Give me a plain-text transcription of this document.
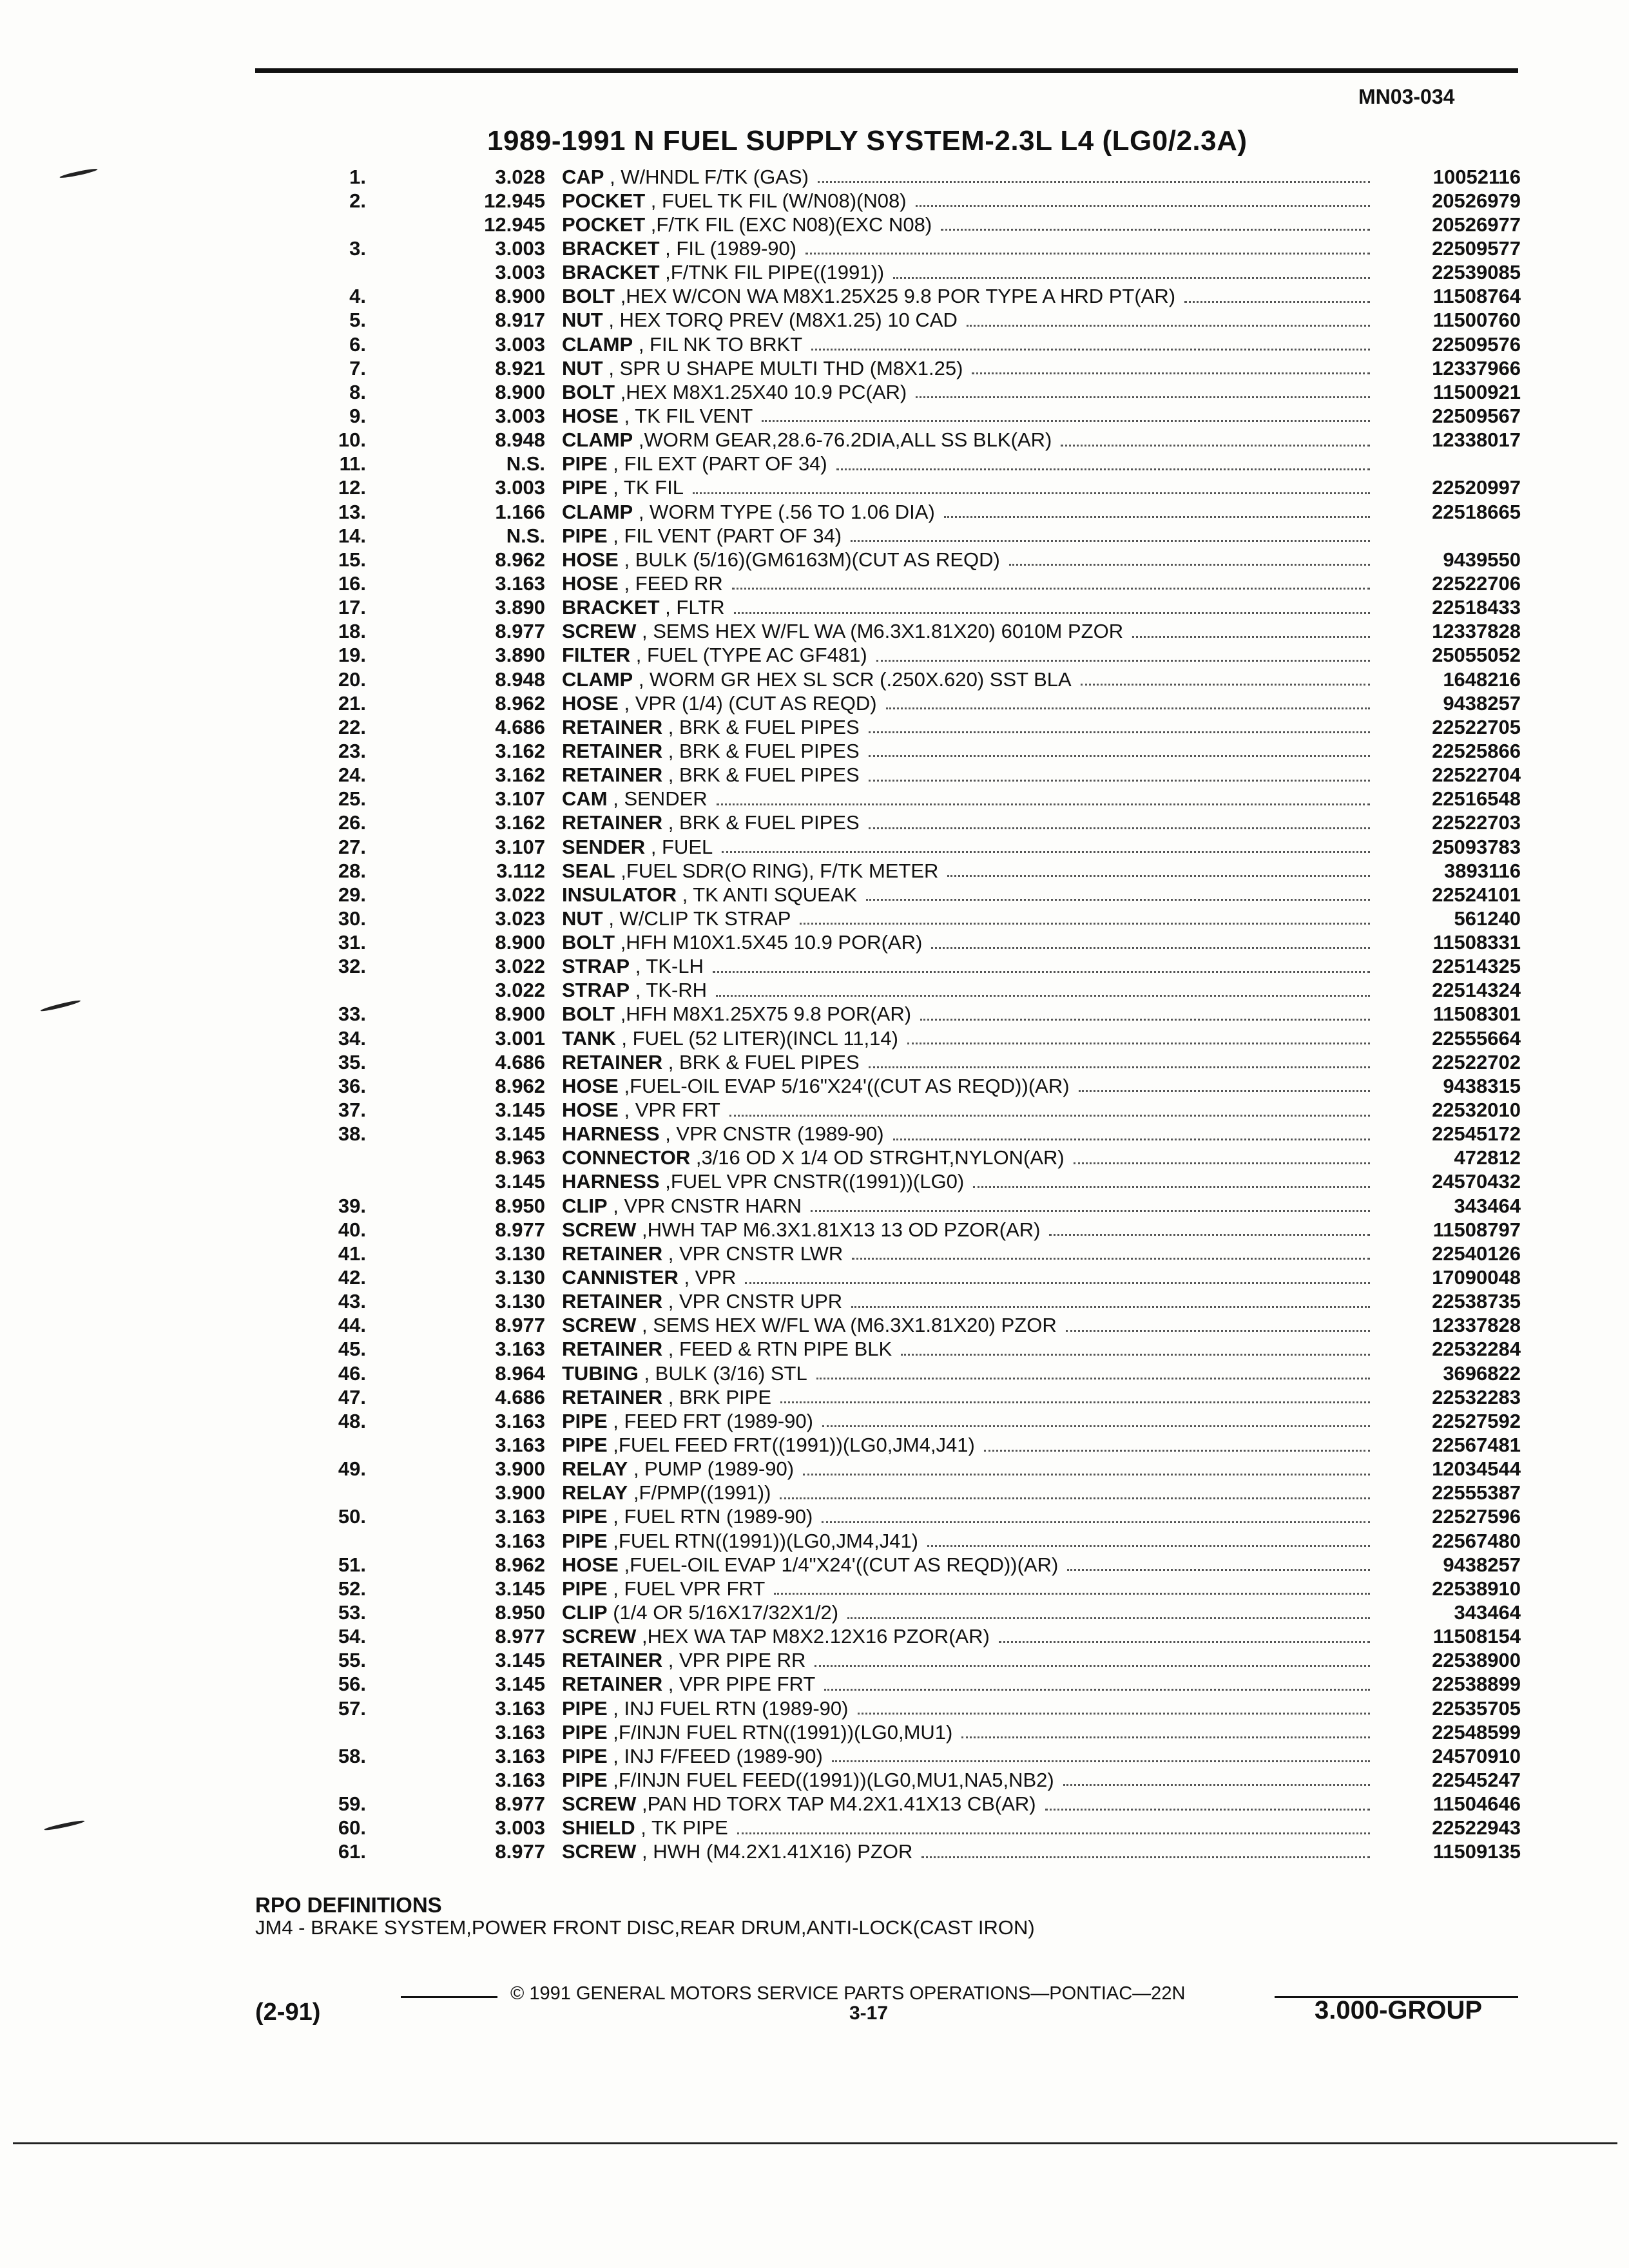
MN03-034
1989-1991 N FUEL SUPPLY SYSTEM-2.3L L4 (LG0/2.3A)
1.	3.028 CAP , W/HNDL F/TK (GAS)	10052116
2.	12.945 POCKET , FUEL TK FIL (W/N08)(N08)	20526979
12.945 POCKET ,F/TK FIL (EXC N08)(EXC N08)	20526977
3.	3.003 BRACKET , FIL (1989-90)	22509577
3.003 BRACKET ,F/TNK FIL PIPE((1991))	22539085
4.	8.900 BOLT ,HEX W/CON WA M8X1.25X25 9.8 POR TYPE A HRD PT(AR)	11508764
5.	8.917 NUT , HEX TORQ PREV (M8X1.25) 10 CAD	11500760
6.	3.003 CLAMP , FIL NK TO BRKT	22509576
7.	8.921 NUT , SPR U SHAPE MULTI THD (M8X1.25)	12337966
8.	8.900 BOLT ,HEX M8X1.25X40 10.9 PC(AR)	11500921
9.	3.003 HOSE , TK FIL VENT	22509567
10.	8.948 CLAMP ,WORM GEAR,28.6-76.2DIA,ALL SS BLK(AR)	12338017
11.	N.S. PIPE , FIL EXT (PART OF 34)
12.	3.003 PIPE , TK FIL	22520997
13.	1.166 CLAMP , WORM TYPE (.56 TO 1.06 DIA)	22518665
14.	N.S. PIPE , FIL VENT (PART OF 34)
15.	8.962 HOSE , BULK (5/16)(GM6163M)(CUT AS REQD)	9439550
16.	3.163 HOSE , FEED RR	22522706
17.	3.890 BRACKET , FLTR	22518433
18.	8.977 SCREW , SEMS HEX W/FL WA (M6.3X1.81X20) 6010M PZOR	12337828
19.	3.890 FILTER , FUEL (TYPE AC GF481)	25055052
20.	8.948 CLAMP , WORM GR HEX SL SCR (.250X.620) SST BLA	1648216
21.	8.962 HOSE , VPR (1/4) (CUT AS REQD)	9438257
22.	4.686 RETAINER , BRK & FUEL PIPES	22522705
23.	3.162 RETAINER , BRK & FUEL PIPES	22525866
24.	3.162 RETAINER , BRK & FUEL PIPES	22522704
25.	3.107 CAM , SENDER	22516548
26.	3.162 RETAINER , BRK & FUEL PIPES	22522703
27.	3.107 SENDER , FUEL	25093783
28.	3.112 SEAL ,FUEL SDR(O RING), F/TK METER	3893116
29.	3.022 INSULATOR , TK ANTI SQUEAK	22524101
30.	3.023 NUT , W/CLIP TK STRAP	561240
31.	8.900 BOLT ,HFH M10X1.5X45 10.9 POR(AR)	11508331
32.	3.022 STRAP , TK-LH	22514325
3.022 STRAP , TK-RH	22514324
33.	8.900 BOLT ,HFH M8X1.25X75 9.8 POR(AR)	11508301
34.	3.001 TANK , FUEL (52 LITER)(INCL 11,14)	22555664
35.	4.686 RETAINER , BRK & FUEL PIPES	22522702
36.	8.962 HOSE ,FUEL-OIL EVAP 5/16"X24'((CUT AS REQD))(AR)	9438315
37.	3.145 HOSE , VPR FRT	22532010
38.	3.145 HARNESS , VPR CNSTR (1989-90)	22545172
8.963 CONNECTOR ,3/16 OD X 1/4 OD STRGHT,NYLON(AR)	472812
3.145 HARNESS ,FUEL VPR CNSTR((1991))(LG0)	24570432
39.	8.950 CLIP , VPR CNSTR HARN	343464
40.	8.977 SCREW ,HWH TAP M6.3X1.81X13 13 OD PZOR(AR)	11508797
41.	3.130 RETAINER , VPR CNSTR LWR	22540126
42.	3.130 CANNISTER , VPR	17090048
43.	3.130 RETAINER , VPR CNSTR UPR	22538735
44.	8.977 SCREW , SEMS HEX W/FL WA (M6.3X1.81X20) PZOR	12337828
45.	3.163 RETAINER , FEED & RTN PIPE BLK	22532284
46.	8.964 TUBING , BULK (3/16) STL	3696822
47.	4.686 RETAINER , BRK PIPE	22532283
48.	3.163 PIPE , FEED FRT (1989-90)	22527592
3.163 PIPE ,FUEL FEED FRT((1991))(LG0,JM4,J41)	22567481
49.	3.900 RELAY , PUMP (1989-90)	12034544
3.900 RELAY ,F/PMP((1991))	22555387
50.	3.163 PIPE , FUEL RTN (1989-90)	22527596
3.163 PIPE ,FUEL RTN((1991))(LG0,JM4,J41)	22567480
51.	8.962 HOSE ,FUEL-OIL EVAP 1/4"X24'((CUT AS REQD))(AR)	9438257
52.	3.145 PIPE , FUEL VPR FRT	22538910
53.	8.950 CLIP (1/4 OR 5/16X17/32X1/2)	343464
54.	8.977 SCREW ,HEX WA TAP M8X2.12X16 PZOR(AR)	11508154
55.	3.145 RETAINER , VPR PIPE RR	22538900
56.	3.145 RETAINER , VPR PIPE FRT	22538899
57.	3.163 PIPE , INJ FUEL RTN (1989-90)	22535705
3.163 PIPE ,F/INJN FUEL RTN((1991))(LG0,MU1)	22548599
58.	3.163 PIPE , INJ F/FEED (1989-90)	24570910
3.163 PIPE ,F/INJN FUEL FEED((1991))(LG0,MU1,NA5,NB2)	22545247
59.	8.977 SCREW ,PAN HD TORX TAP M4.2X1.41X13 CB(AR)	11504646
60.	3.003 SHIELD , TK PIPE	22522943
61.	8.977 SCREW , HWH (M4.2X1.41X16) PZOR	11509135
RPO DEFINITIONS
JM4 - BRAKE SYSTEM,POWER FRONT DISC,REAR DRUM,ANTI-LOCK(CAST IRON)
© 1991 GENERAL MOTORS SERVICE PARTS OPERATIONS—PONTIAC—22N
(2-91)	3-17	3.000-GROUP
